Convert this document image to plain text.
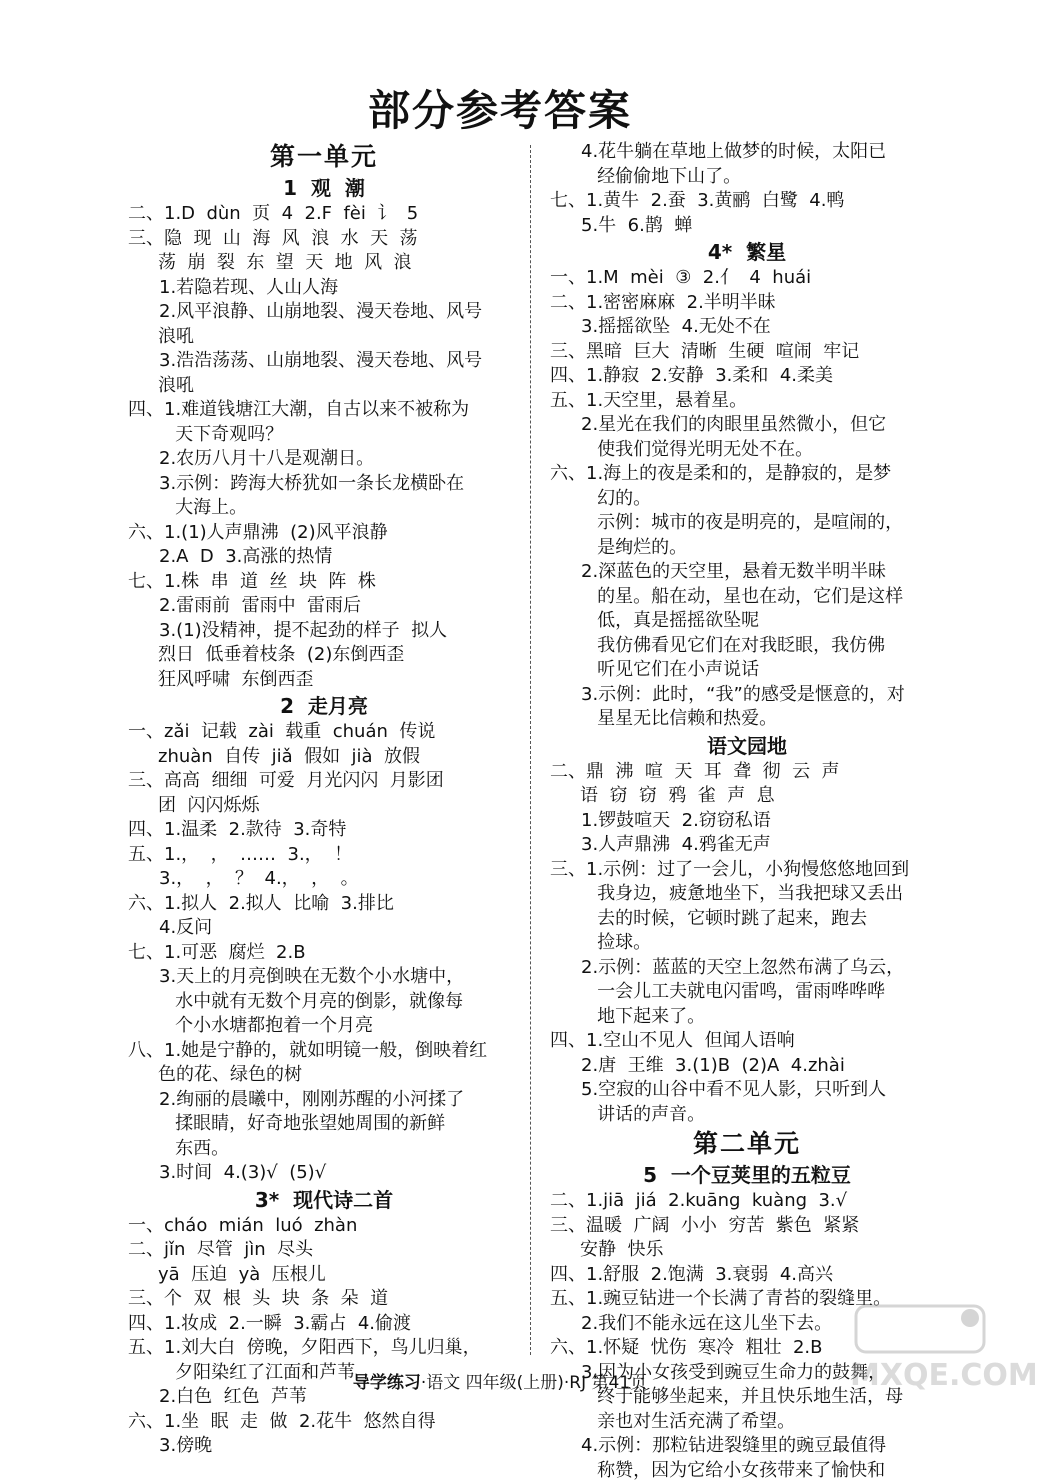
部分参考答案
第一单元
1  观  潮
二、1.D  dùn  页  4  2.F  fèi  讠  5
三、隐  现  山  海  风  浪  水  天  荡
荡  崩  裂  东  望  天  地  风  浪
1.若隐若现、人山人海
2.风平浪静、山崩地裂、漫天卷地、风号
浪吼
3.浩浩荡荡、山崩地裂、漫天卷地、风号
浪吼
四、1.难道钱塘江大潮，自古以来不被称为
天下奇观吗？
2.农历八月十八是观潮日。
3.示例：跨海大桥犹如一条长龙横卧在
大海上。
六、1.(1)人声鼎沸  (2)风平浪静
2.A  D  3.高涨的热情
七、1.株  串  道  丝  块  阵  株
2.雷雨前  雷雨中  雷雨后
3.(1)没精神，提不起劲的样子  拟人
烈日  低垂着枝条  (2)东倒西歪
狂风呼啸  东倒西歪
2  走月亮
一、zǎi  记载  zài  载重  chuán  传说
zhuàn  自传  jiǎ  假如  jià  放假
三、高高  细细  可爱  月光闪闪  月影团
团  闪闪烁烁
四、1.温柔  2.款待  3.奇特
五、1.，  ，  ……  3.，  ！
3.，  ，  ？  4.，  ，  。
六、1.拟人  2.拟人  比喻  3.排比
4.反问
七、1.可恶  腐烂  2.B
3.天上的月亮倒映在无数个小水塘中，
水中就有无数个月亮的倒影，就像每
个小水塘都抱着一个月亮
八、1.她是宁静的，就如明镜一般，倒映着红
色的花、绿色的树
2.绚丽的晨曦中，刚刚苏醒的小河揉了
揉眼睛，好奇地张望她周围的新鲜
东西。
3.时间  4.(3)√  (5)√
3*  现代诗二首
一、cháo  mián  luó  zhàn
二、jǐn  尽管  jìn  尽头
yā  压迫  yà  压根儿
三、个  双  根  头  块  条  朵  道
四、1.妆成  2.一瞬  3.霸占  4.偷渡
五、1.刘大白  傍晚，夕阳西下，鸟儿归巢，
夕阳染红了江面和芦苇
2.白色  红色  芦苇
六、1.坐  眠  走  做  2.花牛  悠然自得
3.傍晚
4.花牛躺在草地上做梦的时候，太阳已
经偷偷地下山了。
七、1.黄牛  2.蚕  3.黄鹂  白鹭  4.鸭
5.牛  6.鹊  蝉
4*  繁星
一、1.M  mèi  ③  2.亻  4  huái
二、1.密密麻麻  2.半明半昧
3.摇摇欲坠  4.无处不在
三、黑暗  巨大  清晰  生硬  喧闹  牢记
四、1.静寂  2.安静  3.柔和  4.柔美
五、1.天空里，悬着星。
2.星光在我们的肉眼里虽然微小，但它
使我们觉得光明无处不在。
六、1.海上的夜是柔和的，是静寂的，是梦
幻的。
示例：城市的夜是明亮的，是喧闹的，
是绚烂的。
2.深蓝色的天空里，悬着无数半明半昧
的星。船在动，星也在动，它们是这样
低，真是摇摇欲坠呢
我仿佛看见它们在对我眨眼，我仿佛
听见它们在小声说话
3.示例：此时，“我”的感受是惬意的，对
星星无比信赖和热爱。
语文园地
二、鼎  沸  喧  天  耳  聋  彻  云  声
语  窃  窃  鸦  雀  声  息
1.锣鼓喧天  2.窃窃私语
3.人声鼎沸  4.鸦雀无声
三、1.示例：过了一会儿，小狗慢悠悠地回到
我身边，疲惫地坐下，当我把球又丢出
去的时候，它顿时跳了起来，跑去
捡球。
2.示例：蓝蓝的天空上忽然布满了乌云，
一会儿工夫就电闪雷鸣，雷雨哗哗哗
地下起来了。
四、1.空山不见人  但闻人语响
2.唐  王维  3.(1)B  (2)A  4.zhài
5.空寂的山谷中看不见人影，只听到人
讲话的声音。
第二单元
5  一个豆荚里的五粒豆
二、1.jiā  jiá  2.kuāng  kuàng  3.√
三、温暖  广阔  小小  穷苦  紫色  紧紧
安静  快乐
四、1.舒服  2.饱满  3.衰弱  4.高兴
五、1.豌豆钻进一个长满了青苔的裂缝里。
2.我们不能永远在这儿坐下去。
六、1.怀疑  忧伤  寒冷  粗壮  2.B
3.因为小女孩受到豌豆生命力的鼓舞，
终于能够坐起来，并且快乐地生活，母
亲也对生活充满了希望。
4.示例：那粒钻进裂缝里的豌豆最值得
称赞，因为它给小女孩带来了愉快和
导学练习·语文 四年级(上册)·RJ 第41页	MXQE.COM
